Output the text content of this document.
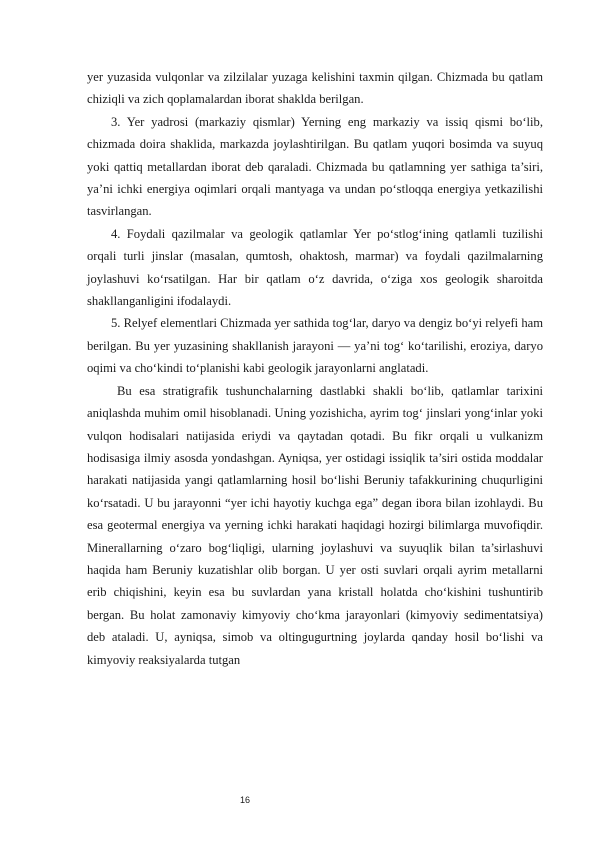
yer yuzasida vulqonlar va zilzilalar yuzaga kelishini taxmin qilgan. Chizmada bu qatlam chiziqli va zich qoplamalardan iborat shaklda berilgan.

3. Yer yadrosi (markaziy qismlar) Yerning eng markaziy va issiq qismi bo‘lib, chizmada doira shaklida, markazda joylashtirilgan. Bu qatlam yuqori bosimda va suyuq yoki qattiq metallardan iborat deb qaraladi. Chizmada bu qatlamning yer sathiga ta’siri, ya’ni ichki energiya oqimlari orqali mantyaga va undan po‘stloqqa energiya yetkazilishi tasvirlangan.

4. Foydali qazilmalar va geologik qatlamlar Yer po‘stlog‘ining qatlamli tuzilishi orqali turli jinslar (masalan, qumtosh, ohaktosh, marmar) va foydali qazilmalarning joylashuvi ko‘rsatilgan. Har bir qatlam o‘z davrida, o‘ziga xos geologik sharoitda shakllanganligini ifodalaydi.

5. Relyef elementlari Chizmada yer sathida tog‘lar, daryo va dengiz bo‘yi relyefi ham berilgan. Bu yer yuzasining shakllanish jarayoni — ya’ni tog‘ ko‘tarilishi, eroziya, daryo oqimi va cho‘kindi to‘planishi kabi geologik jarayonlarni anglatadi.

Bu esa stratigrafik tushunchalarning dastlabki shakli bo‘lib, qatlamlar tarixini aniqlashda muhim omil hisoblanadi. Uning yozishicha, ayrim tog‘ jinslari yong‘inlar yoki vulqon hodisalari natijasida eriydi va qaytadan qotadi. Bu fikr orqali u vulkanizm hodisasiga ilmiy asosda yondashgan. Ayniqsa, yer ostidagi issiqlik ta’siri ostida moddalar harakati natijasida yangi qatlamlarning hosil bo‘lishi Beruniy tafakkurining chuqurligini ko‘rsatadi. U bu jarayonni “yer ichi hayotiy kuchga ega” degan ibora bilan izohlaydi. Bu esa geotermal energiya va yerning ichki harakati haqidagi hozirgi bilimlarga muvofiqdir. Minerallarning o‘zaro bog‘liqligi, ularning joylashuvi va suyuqlik bilan ta’sirlashuvi haqida ham Beruniy kuzatishlar olib borgan. U yer osti suvlari orqali ayrim metallarni erib chiqishini, keyin esa bu suvlardan yana kristall holatda cho‘kishini tushuntirib bergan. Bu holat zamonaviy kimyoviy cho‘kma jarayonlari (kimyoviy sedimentatsiya) deb ataladi. U, ayniqsa, simob va oltingugurtning joylarda qanday hosil bo‘lishi va kimyoviy reaksiyalarda tutgan

16
